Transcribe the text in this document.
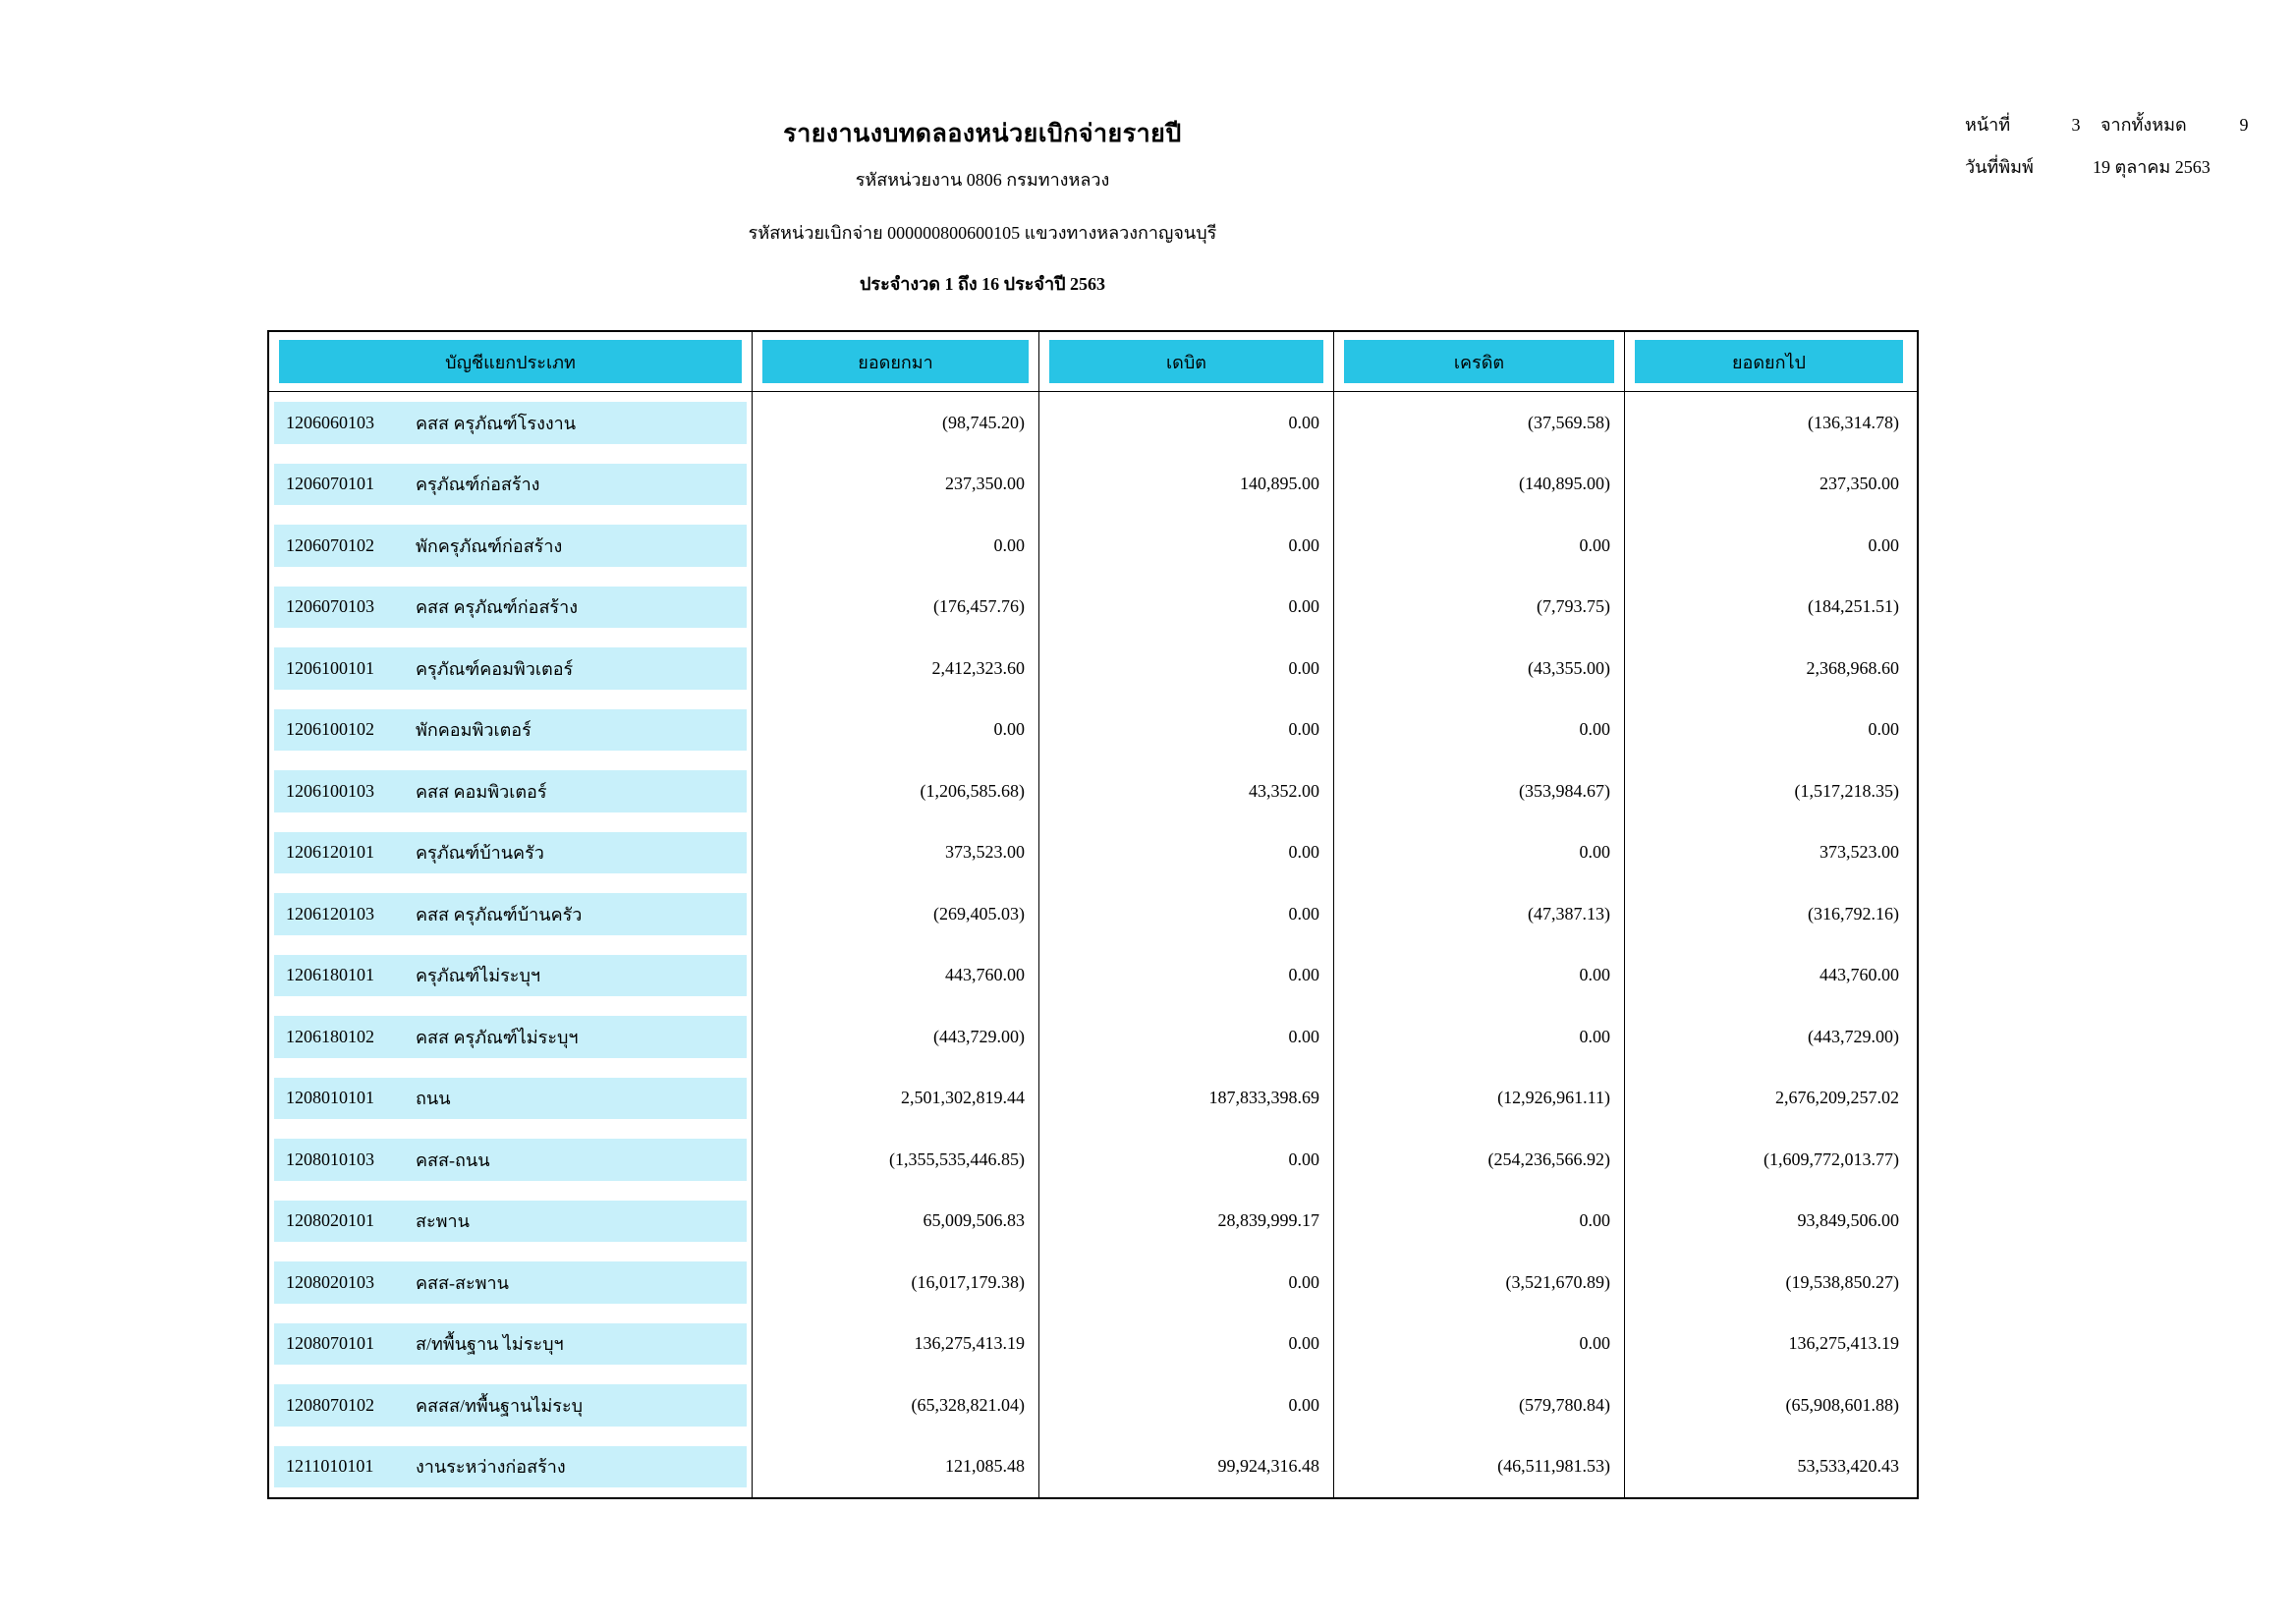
รายงานงบทดลองหน่วยเบิกจ่ายรายปี
รหัสหน่วยงาน 0806 กรมทางหลวง
รหัสหน่วยเบิกจ่าย 000000800600105 แขวงทางหลวงกาญจนบุรี
ประจำงวด 1 ถึง 16 ประจำปี 2563
หน้าที่	3	จากทั้งหมด	9
วันที่พิมพ์	19 ตุลาคม 2563
บัญชีแยกประเภท	ยอดยกมา	เดบิต	เครดิต	ยอดยกไป
1206060103	คสส ครุภัณฑ์โรงงาน	(98,745.20)	0.00	(37,569.58)	(136,314.78)
1206070101	ครุภัณฑ์ก่อสร้าง	237,350.00	140,895.00	(140,895.00)	237,350.00
1206070102	พักครุภัณฑ์ก่อสร้าง	0.00	0.00	0.00	0.00
1206070103	คสส ครุภัณฑ์ก่อสร้าง	(176,457.76)	0.00	(7,793.75)	(184,251.51)
1206100101	ครุภัณฑ์คอมพิวเตอร์	2,412,323.60	0.00	(43,355.00)	2,368,968.60
1206100102	พักคอมพิวเตอร์	0.00	0.00	0.00	0.00
1206100103	คสส คอมพิวเตอร์	(1,206,585.68)	43,352.00	(353,984.67)	(1,517,218.35)
1206120101	ครุภัณฑ์บ้านครัว	373,523.00	0.00	0.00	373,523.00
1206120103	คสส ครุภัณฑ์บ้านครัว	(269,405.03)	0.00	(47,387.13)	(316,792.16)
1206180101	ครุภัณฑ์ไม่ระบุฯ	443,760.00	0.00	0.00	443,760.00
1206180102	คสส ครุภัณฑ์ไม่ระบุฯ	(443,729.00)	0.00	0.00	(443,729.00)
1208010101	ถนน	2,501,302,819.44	187,833,398.69	(12,926,961.11)	2,676,209,257.02
1208010103	คสส-ถนน	(1,355,535,446.85)	0.00	(254,236,566.92)	(1,609,772,013.77)
1208020101	สะพาน	65,009,506.83	28,839,999.17	0.00	93,849,506.00
1208020103	คสส-สะพาน	(16,017,179.38)	0.00	(3,521,670.89)	(19,538,850.27)
1208070101	ส/ทพื้นฐาน ไม่ระบุฯ	136,275,413.19	0.00	0.00	136,275,413.19
1208070102	คสสส/ทพื้นฐานไม่ระบุ	(65,328,821.04)	0.00	(579,780.84)	(65,908,601.88)
1211010101	งานระหว่างก่อสร้าง	121,085.48	99,924,316.48	(46,511,981.53)	53,533,420.43
